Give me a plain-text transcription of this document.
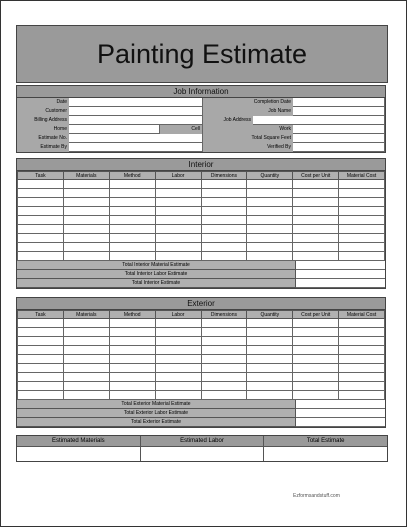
Painting Estimate
Job Information
Date
Customer
Billing Address
Home	Cell
Estimate No.
Estimate By
Completion Date
Job Name
Job Address
Work
Total Square Feet
Verified By
Interior
Task	Materials	Method	Labor	Dimensions	Quantity	Cost per Unit	Material Cost

Total Interior Material Estimate
Total Interior Labor Estimate
Total Interior Estimate
Exterior
Task	Materials	Method	Labor	Dimensions	Quantity	Cost per Unit	Material Cost

Total Exterior Material Estimate
Total Exterior Labor Estimate
Total Exterior Estimate
Estimated Materials	Estimated Labor	Total Estimate
Ezformsandstuff.com
